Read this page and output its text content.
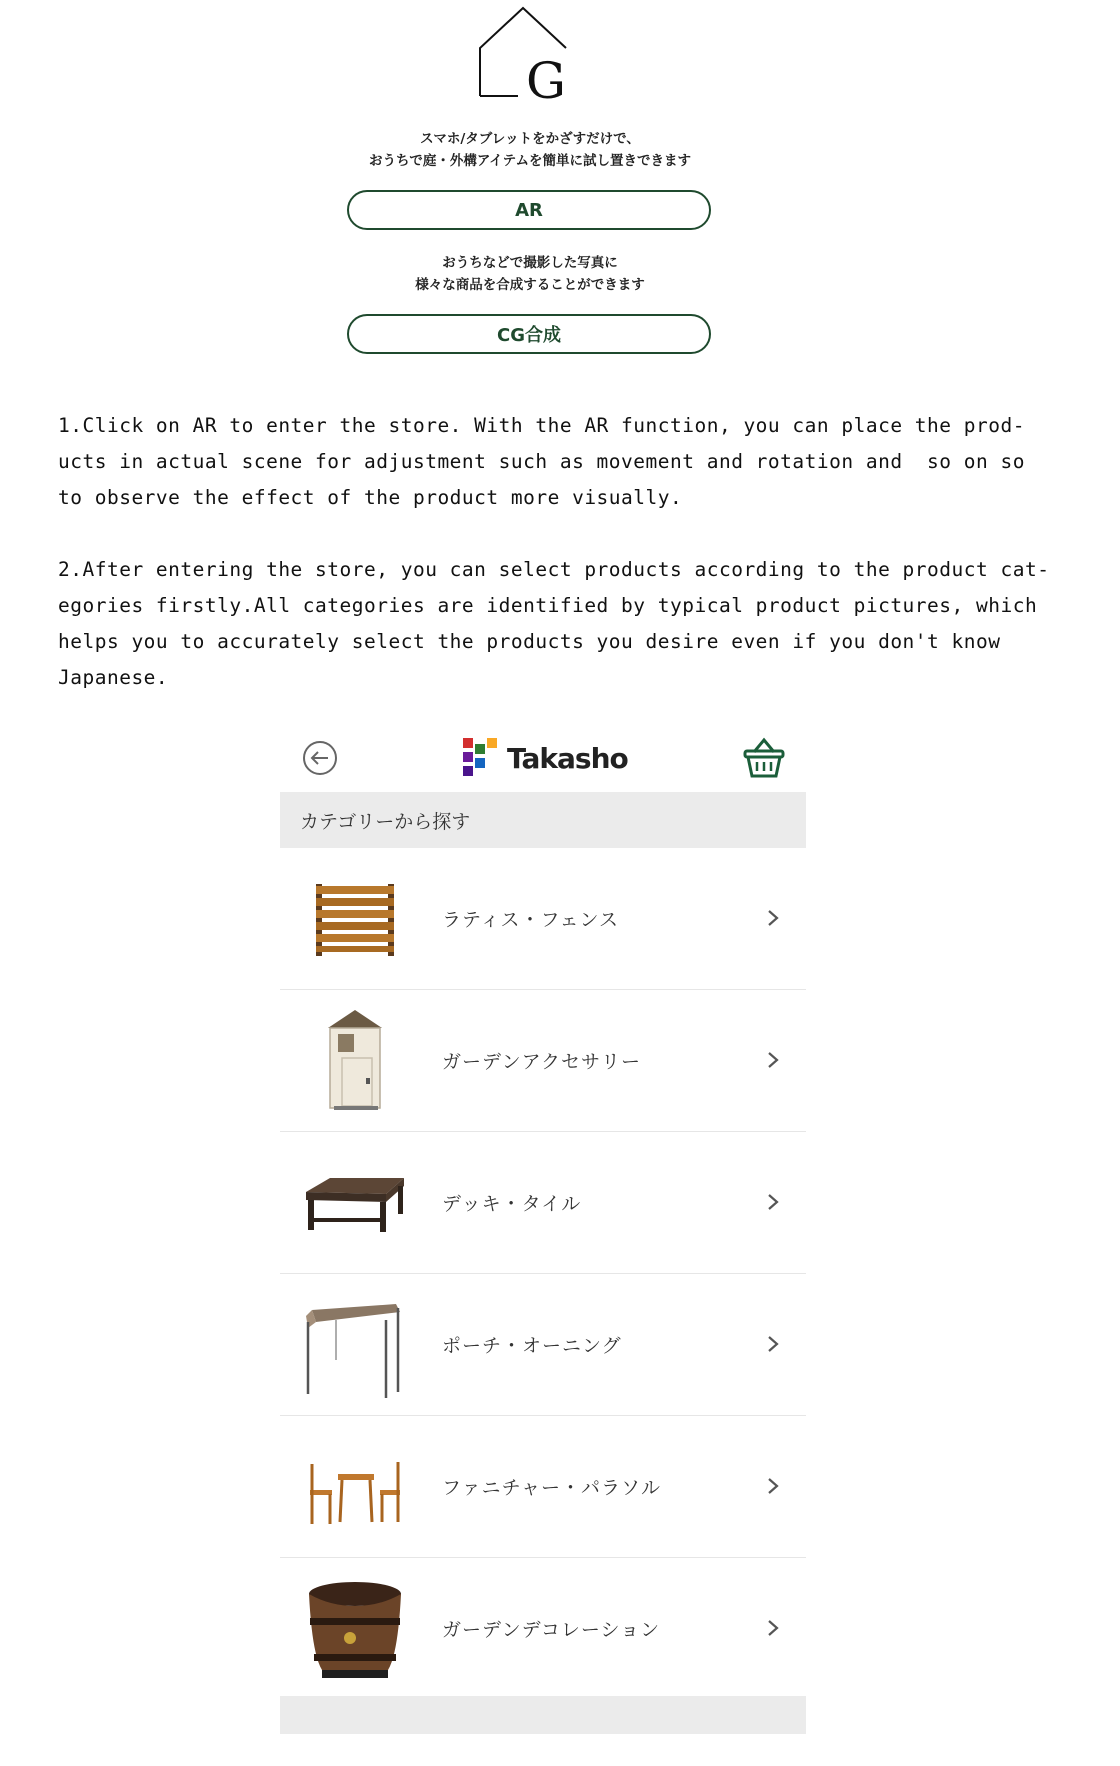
G
スマホ/タブレットをかざすだけで、
おうちで庭・外構アイテムを簡単に試し置きできます
AR
おうちなどで撮影した写真に
様々な商品を合成することができます
CG合成

1.Click on AR to enter the store. With the AR function, you can place the prod-
ucts in actual scene for adjustment such as movement and rotation and  so on so
to observe the effect of the product more visually.

2.After entering the store, you can select products according to the product cat-
egories firstly.All categories are identified by typical product pictures, which
helps you to accurately select the products you desire even if you don't know
Japanese.

Takasho
カテゴリーから探す
ラティス・フェンス
ガーデンアクセサリー
デッキ・タイル
ポーチ・オーニング
ファニチャー・パラソル
ガーデンデコレーション
